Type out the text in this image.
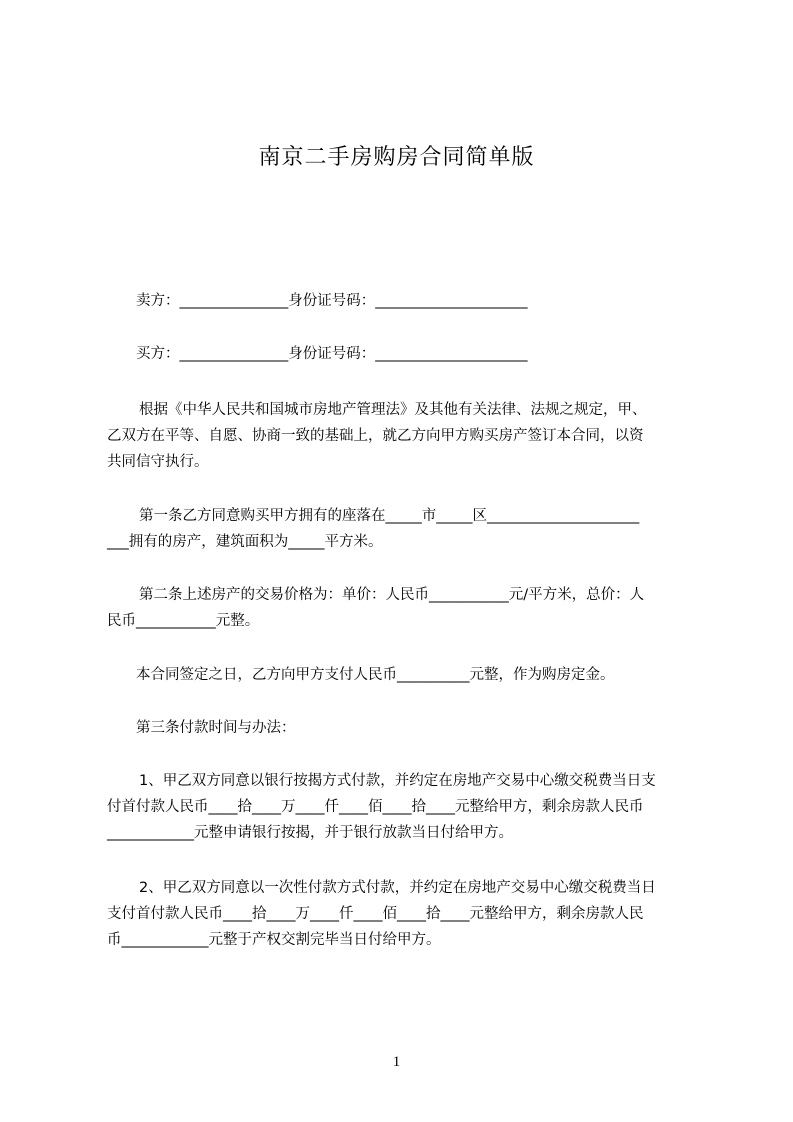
南京二手房购房合同简单版
卖方：_______________身份证号码：_____________________
买方：_______________身份证号码：_____________________
根据《中华人民共和国城市房地产管理法》及其他有关法律、法规之规定，甲、
乙双方在平等、自愿、协商一致的基础上，就乙方向甲方购买房产签订本合同，以资
共同信守执行。
第一条乙方同意购买甲方拥有的座落在_____市_____区_____________________
___拥有的房产，建筑面积为_____平方米。
第二条上述房产的交易价格为：单价：人民币___________元/平方米，总价：人
民币___________元整。
本合同签定之日，乙方向甲方支付人民币__________元整，作为购房定金。
第三条付款时间与办法：
1、甲乙双方同意以银行按揭方式付款，并约定在房地产交易中心缴交税费当日支
付首付款人民币____拾____万____仟____佰____拾____元整给甲方，剩余房款人民币
____________元整申请银行按揭，并于银行放款当日付给甲方。
2、甲乙双方同意以一次性付款方式付款，并约定在房地产交易中心缴交税费当日
支付首付款人民币____拾____万____仟____佰____拾____元整给甲方，剩余房款人民
币____________元整于产权交割完毕当日付给甲方。
1
